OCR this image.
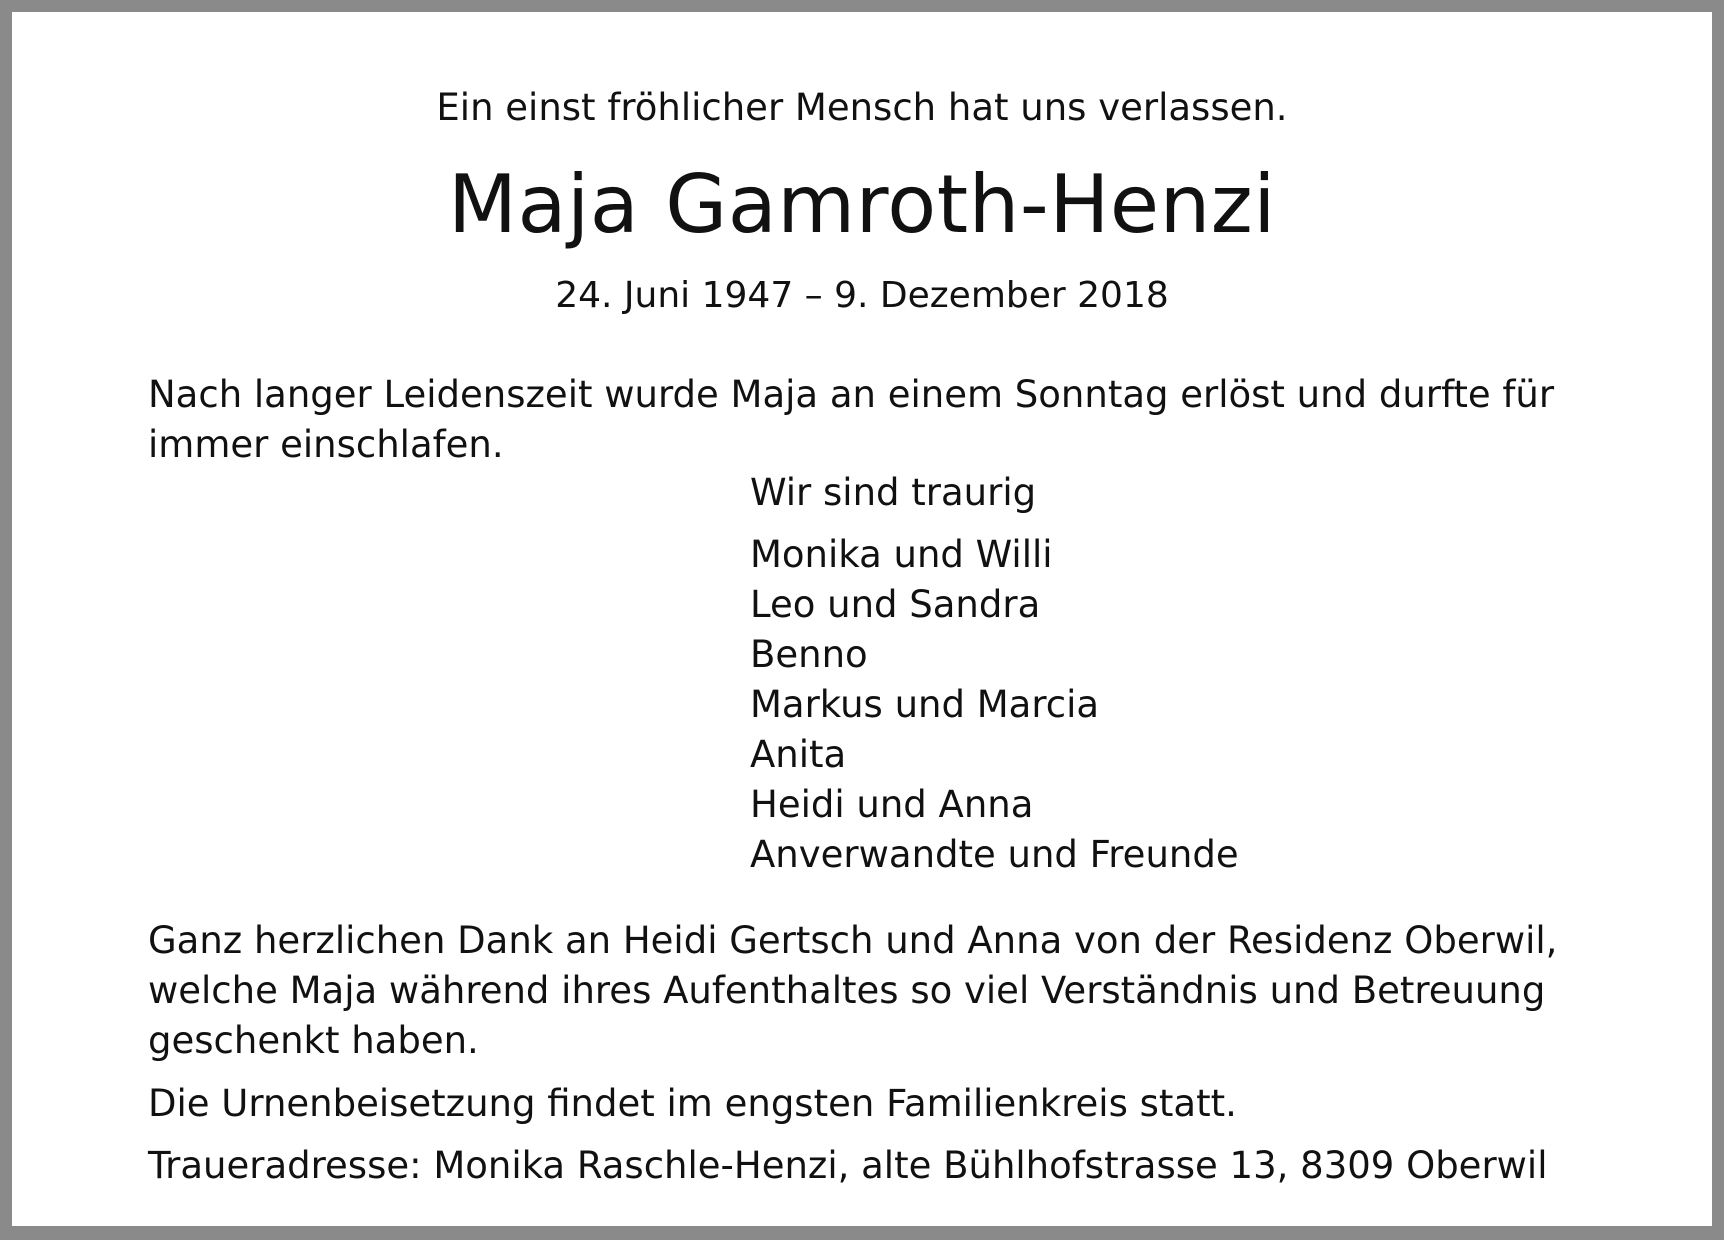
Ein einst fröhlicher Mensch hat uns verlassen.
Maja Gamroth-Henzi
24. Juni 1947 – 9. Dezember 2018

Nach langer Leidenszeit wurde Maja an einem Sonntag erlöst und durfte für immer einschlafen.

Wir sind traurig
Monika und Willi
Leo und Sandra
Benno
Markus und Marcia
Anita
Heidi und Anna
Anverwandte und Freunde

Ganz herzlichen Dank an Heidi Gertsch und Anna von der Residenz Oberwil, welche Maja während ihres Aufenthaltes so viel Verständnis und Betreuung geschenkt haben.

Die Urnenbeisetzung findet im engsten Familienkreis statt.

Traueradresse: Monika Raschle-Henzi, alte Bühlhofstrasse 13, 8309 Oberwil
